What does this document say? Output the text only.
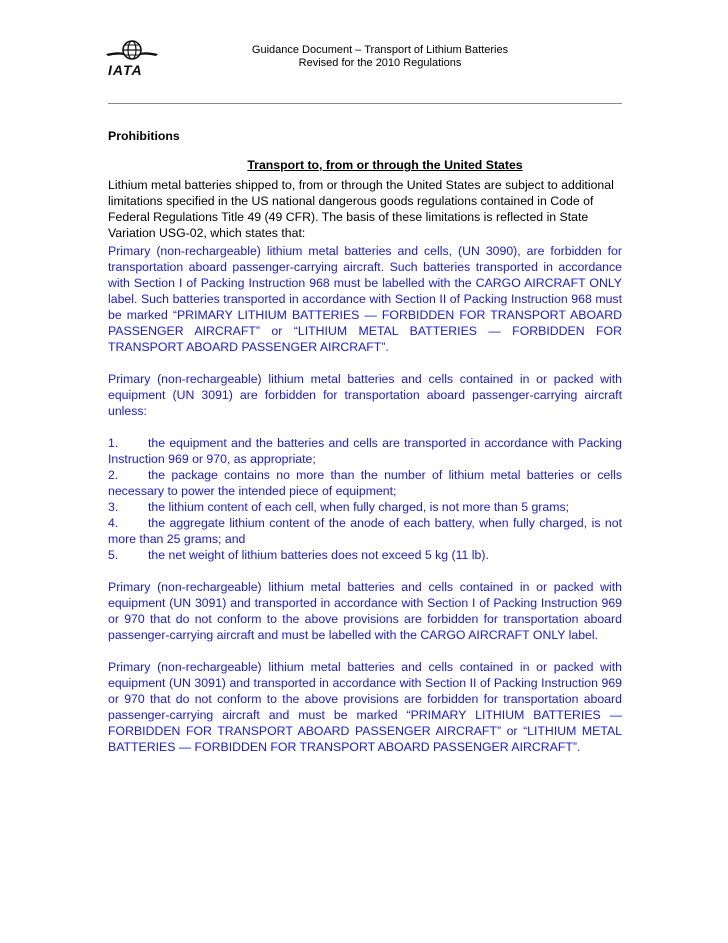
IATA
Guidance Document – Transport of Lithium Batteries
Revised for the 2010 Regulations
Prohibitions
Transport to, from or through the United States
Lithium metal batteries shipped to, from or through the United States are subject to additional limitations specified in the US national dangerous goods regulations contained in Code of Federal Regulations Title 49 (49 CFR). The basis of these limitations is reflected in State Variation USG-02, which states that:
Primary (non-rechargeable) lithium metal batteries and cells, (UN 3090), are forbidden for transportation aboard passenger-carrying aircraft. Such batteries transported in accordance with Section I of Packing Instruction 968 must be labelled with the CARGO AIRCRAFT ONLY label. Such batteries transported in accordance with Section II of Packing Instruction 968 must be marked “PRIMARY LITHIUM BATTERIES — FORBIDDEN FOR TRANSPORT ABOARD PASSENGER AIRCRAFT” or “LITHIUM METAL BATTERIES — FORBIDDEN FOR TRANSPORT ABOARD PASSENGER AIRCRAFT”.
Primary (non-rechargeable) lithium metal batteries and cells contained in or packed with equipment (UN 3091) are forbidden for transportation aboard passenger-carrying aircraft unless:
1. the equipment and the batteries and cells are transported in accordance with Packing Instruction 969 or 970, as appropriate;
2. the package contains no more than the number of lithium metal batteries or cells necessary to power the intended piece of equipment;
3. the lithium content of each cell, when fully charged, is not more than 5 grams;
4. the aggregate lithium content of the anode of each battery, when fully charged, is not more than 25 grams; and
5. the net weight of lithium batteries does not exceed 5 kg (11 lb).
Primary (non-rechargeable) lithium metal batteries and cells contained in or packed with equipment (UN 3091) and transported in accordance with Section I of Packing Instruction 969 or 970 that do not conform to the above provisions are forbidden for transportation aboard passenger-carrying aircraft and must be labelled with the CARGO AIRCRAFT ONLY label.
Primary (non-rechargeable) lithium metal batteries and cells contained in or packed with equipment (UN 3091) and transported in accordance with Section II of Packing Instruction 969 or 970 that do not conform to the above provisions are forbidden for transportation aboard passenger-carrying aircraft and must be marked “PRIMARY LITHIUM BATTERIES — FORBIDDEN FOR TRANSPORT ABOARD PASSENGER AIRCRAFT” or “LITHIUM METAL BATTERIES — FORBIDDEN FOR TRANSPORT ABOARD PASSENGER AIRCRAFT”.
